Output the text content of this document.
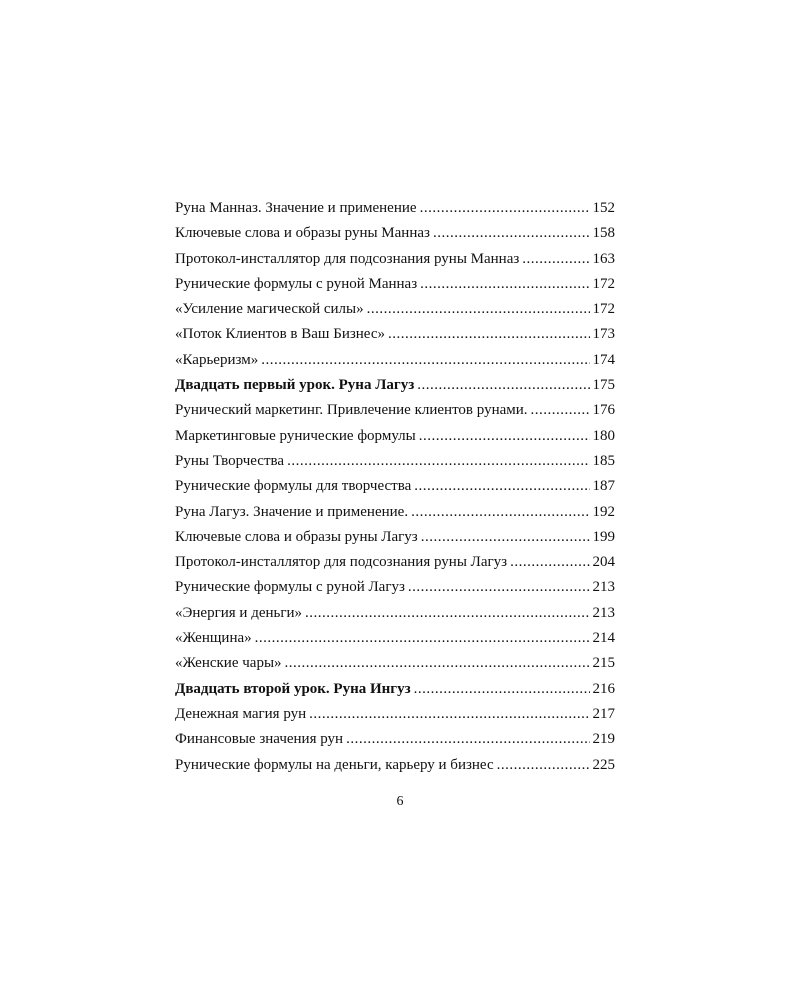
Руна Манназ. Значение и применение .....	152
Ключевые слова и образы руны Манназ .....	158
Протокол-инсталлятор для подсознания руны Манназ .....	163
Рунические формулы с руной Манназ .....	172
«Усиление магической силы» .....	172
«Поток Клиентов в Ваш Бизнес» .....	173
«Карьеризм» .....	174
Двадцать первый урок. Руна Лагуз .....	175
Рунический маркетинг. Привлечение клиентов рунами. .....	176
Маркетинговые рунические формулы .....	180
Руны Творчества .....	185
Рунические формулы для творчества .....	187
Руна Лагуз. Значение и применение. .....	192
Ключевые слова и образы руны Лагуз .....	199
Протокол-инсталлятор для подсознания руны Лагуз .....	204
Рунические формулы с руной Лагуз .....	213
«Энергия и деньги» .....	213
«Женщина» .....	214
«Женские чары» .....	215
Двадцать второй урок. Руна Ингуз .....	216
Денежная магия рун .....	217
Финансовые значения рун .....	219
Рунические формулы на деньги, карьеру и бизнес .....	225
6
